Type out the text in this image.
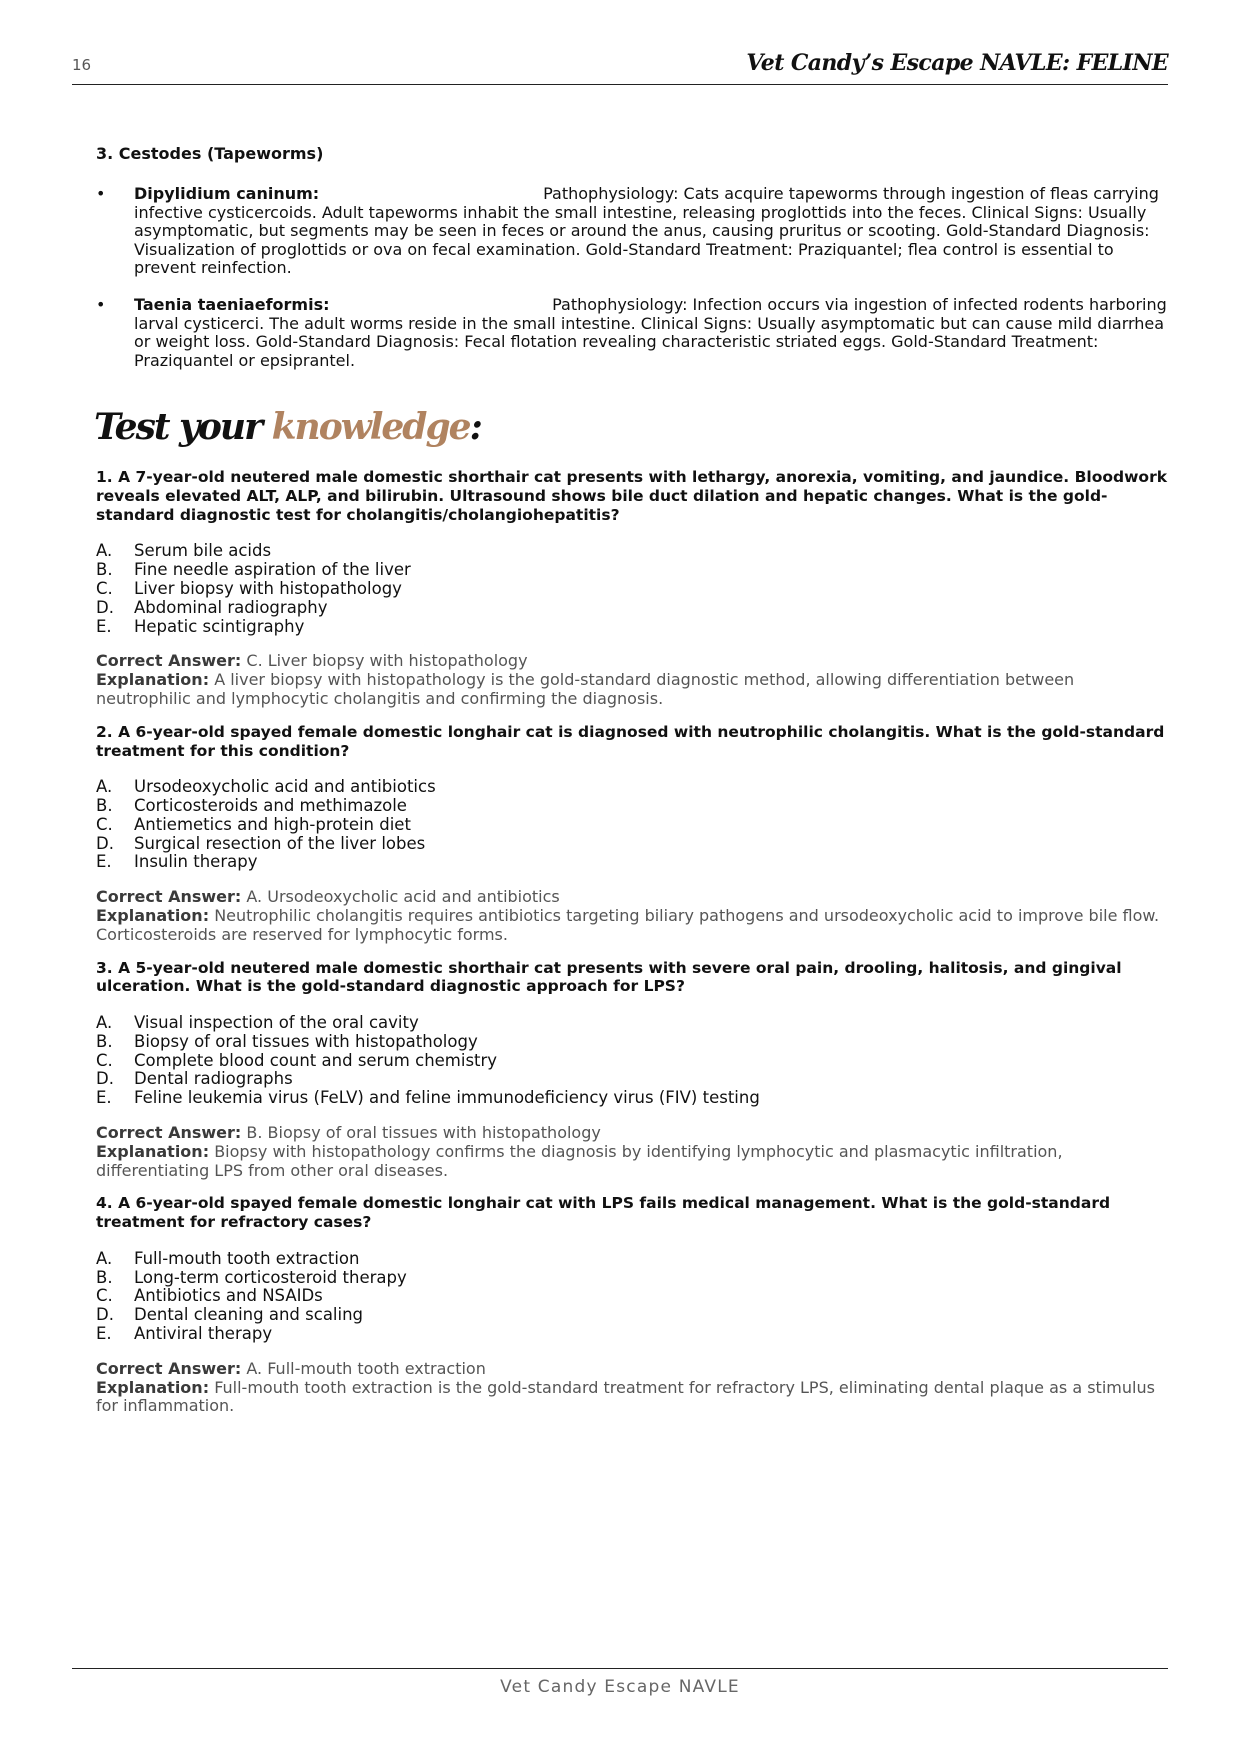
16	Vet Candy’s Escape NAVLE: FELINE
3. Cestodes (Tapeworms)
• Dipylidium caninum:	Pathophysiology: Cats acquire tapeworms through ingestion of fleas carrying infective cysticercoids. Adult tapeworms inhabit the small intestine, releasing proglottids into the feces. Clinical Signs: Usually asymptomatic, but segments may be seen in feces or around the anus, causing pruritus or scooting. Gold-Standard Diagnosis: Visualization of proglottids or ova on fecal examination. Gold-Standard Treatment: Praziquantel; flea control is essential to prevent reinfection.
• Taenia taeniaeformis:	Pathophysiology: Infection occurs via ingestion of infected rodents harboring larval cysticerci. The adult worms reside in the small intestine. Clinical Signs: Usually asymptomatic but can cause mild diarrhea or weight loss. Gold-Standard Diagnosis: Fecal flotation revealing characteristic striated eggs. Gold-Standard Treatment: Praziquantel or epsiprantel.
Test your knowledge:

1. A 7-year-old neutered male domestic shorthair cat presents with lethargy, anorexia, vomiting, and jaundice. Bloodwork reveals elevated ALT, ALP, and bilirubin. Ultrasound shows bile duct dilation and hepatic changes. What is the gold-standard diagnostic test for cholangitis/cholangiohepatitis?

A.	Serum bile acids
B.	Fine needle aspiration of the liver
C.	Liver biopsy with histopathology
D.	Abdominal radiography
E.	Hepatic scintigraphy
Correct Answer: C. Liver biopsy with histopathology
Explanation: A liver biopsy with histopathology is the gold-standard diagnostic method, allowing differentiation between neutrophilic and lymphocytic cholangitis and confirming the diagnosis.

2. A 6-year-old spayed female domestic longhair cat is diagnosed with neutrophilic cholangitis. What is the gold-standard treatment for this condition?

A.	Ursodeoxycholic acid and antibiotics
B.	Corticosteroids and methimazole
C.	Antiemetics and high-protein diet
D.	Surgical resection of the liver lobes
E.	Insulin therapy
Correct Answer: A. Ursodeoxycholic acid and antibiotics
Explanation: Neutrophilic cholangitis requires antibiotics targeting biliary pathogens and ursodeoxycholic acid to improve bile flow. Corticosteroids are reserved for lymphocytic forms.

3. A 5-year-old neutered male domestic shorthair cat presents with severe oral pain, drooling, halitosis, and gingival ulceration. What is the gold-standard diagnostic approach for LPS?

A.	Visual inspection of the oral cavity
B.	Biopsy of oral tissues with histopathology
C.	Complete blood count and serum chemistry
D.	Dental radiographs
E.	Feline leukemia virus (FeLV) and feline immunodeficiency virus (FIV) testing
Correct Answer: B. Biopsy of oral tissues with histopathology
Explanation: Biopsy with histopathology confirms the diagnosis by identifying lymphocytic and plasmacytic infiltration, differentiating LPS from other oral diseases.

4. A 6-year-old spayed female domestic longhair cat with LPS fails medical management. What is the gold-standard treatment for refractory cases?

A.	Full-mouth tooth extraction
B.	Long-term corticosteroid therapy
C.	Antibiotics and NSAIDs
D.	Dental cleaning and scaling
E.	Antiviral therapy
Correct Answer: A. Full-mouth tooth extraction
Explanation: Full-mouth tooth extraction is the gold-standard treatment for refractory LPS, eliminating dental plaque as a stimulus for inflammation.
Vet Candy Escape NAVLE
